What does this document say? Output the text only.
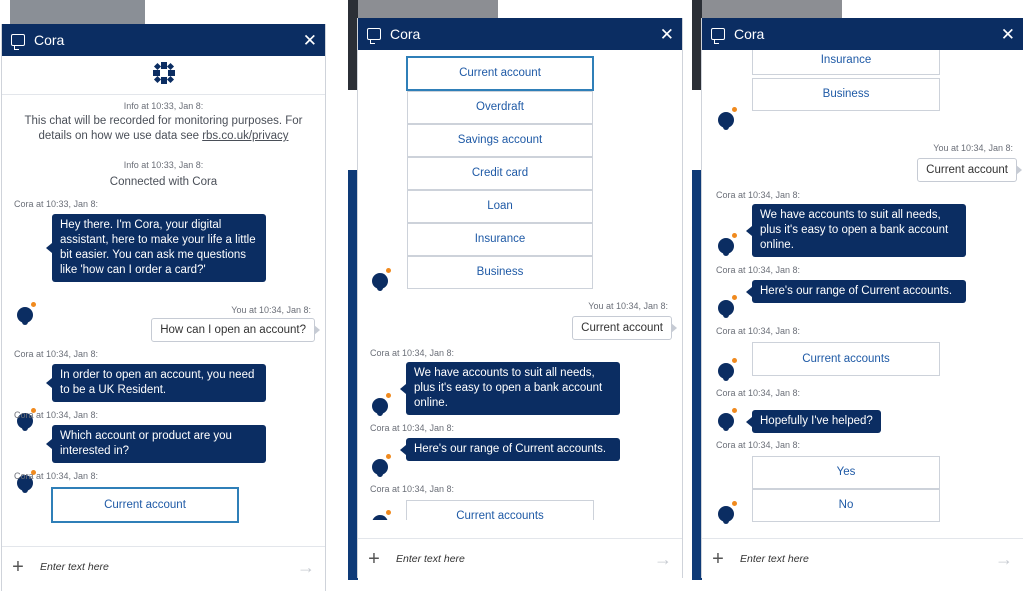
Cora	✕
Info at 10:33, Jan 8:
This chat will be recorded for monitoring purposes. For
details on how we use data see rbs.co.uk/privacy
Info at 10:33, Jan 8:
Connected with Cora
Cora at 10:33, Jan 8:
Hey there. I'm Cora, your digital assistant, here to make your life a little bit easier. You can ask me questions like 'how can I order a card?'
You at 10:34, Jan 8:
How can I open an account?
Cora at 10:34, Jan 8:
In order to open an account, you need to be a UK Resident.
Cora at 10:34, Jan 8:
Which account or product are you interested in?
Cora at 10:34, Jan 8:
Current account
+ Enter text here	→
Cora	✕
Current account
Overdraft
Savings account
Credit card
Loan
Insurance
Business
You at 10:34, Jan 8:
Current account
Cora at 10:34, Jan 8:
We have accounts to suit all needs, plus it's easy to open a bank account online.
Cora at 10:34, Jan 8:
Here's our range of Current accounts.
Cora at 10:34, Jan 8:
Current accounts
+ Enter text here	→
Cora	✕
Insurance
Business
You at 10:34, Jan 8:
Current account
Cora at 10:34, Jan 8:
We have accounts to suit all needs, plus it's easy to open a bank account online.
Cora at 10:34, Jan 8:
Here's our range of Current accounts.
Cora at 10:34, Jan 8:
Current accounts
Cora at 10:34, Jan 8:
Hopefully I've helped?
Cora at 10:34, Jan 8:
Yes
No
+ Enter text here	→
